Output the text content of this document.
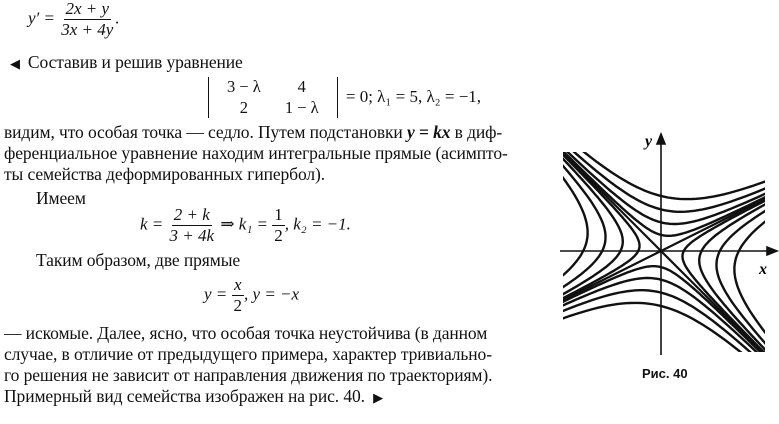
$y' = \frac{2x + y}{3x + 4y}$ .
◀ Составив и решив уравнение
3 − λ	4
2	1 − λ
= 0; λ₁ = 5, λ₂ = −1,
видим, что особая точка — седло. Путем подстановки y = kx в диф-
ференциальное уравнение находим интегральные прямые (асимпто-
ты семейства деформированных гипербол).
Имеем
$k = \frac{2 + k}{3 + 4k}$ ⇒ $k_1 = \frac{1}{2}$ , k₂ = −1.
Таким образом, две прямые
$y = \frac{x}{2}$ , y = −x
— искомые. Далее, ясно, что особая точка неустойчива (в данном
случае, в отличие от предыдущего примера, характер тривиально-
го решения не зависит от направления движения по траекториям).
Примерный вид семейства изображен на рис. 40. ▶
y
x
Рис. 40
